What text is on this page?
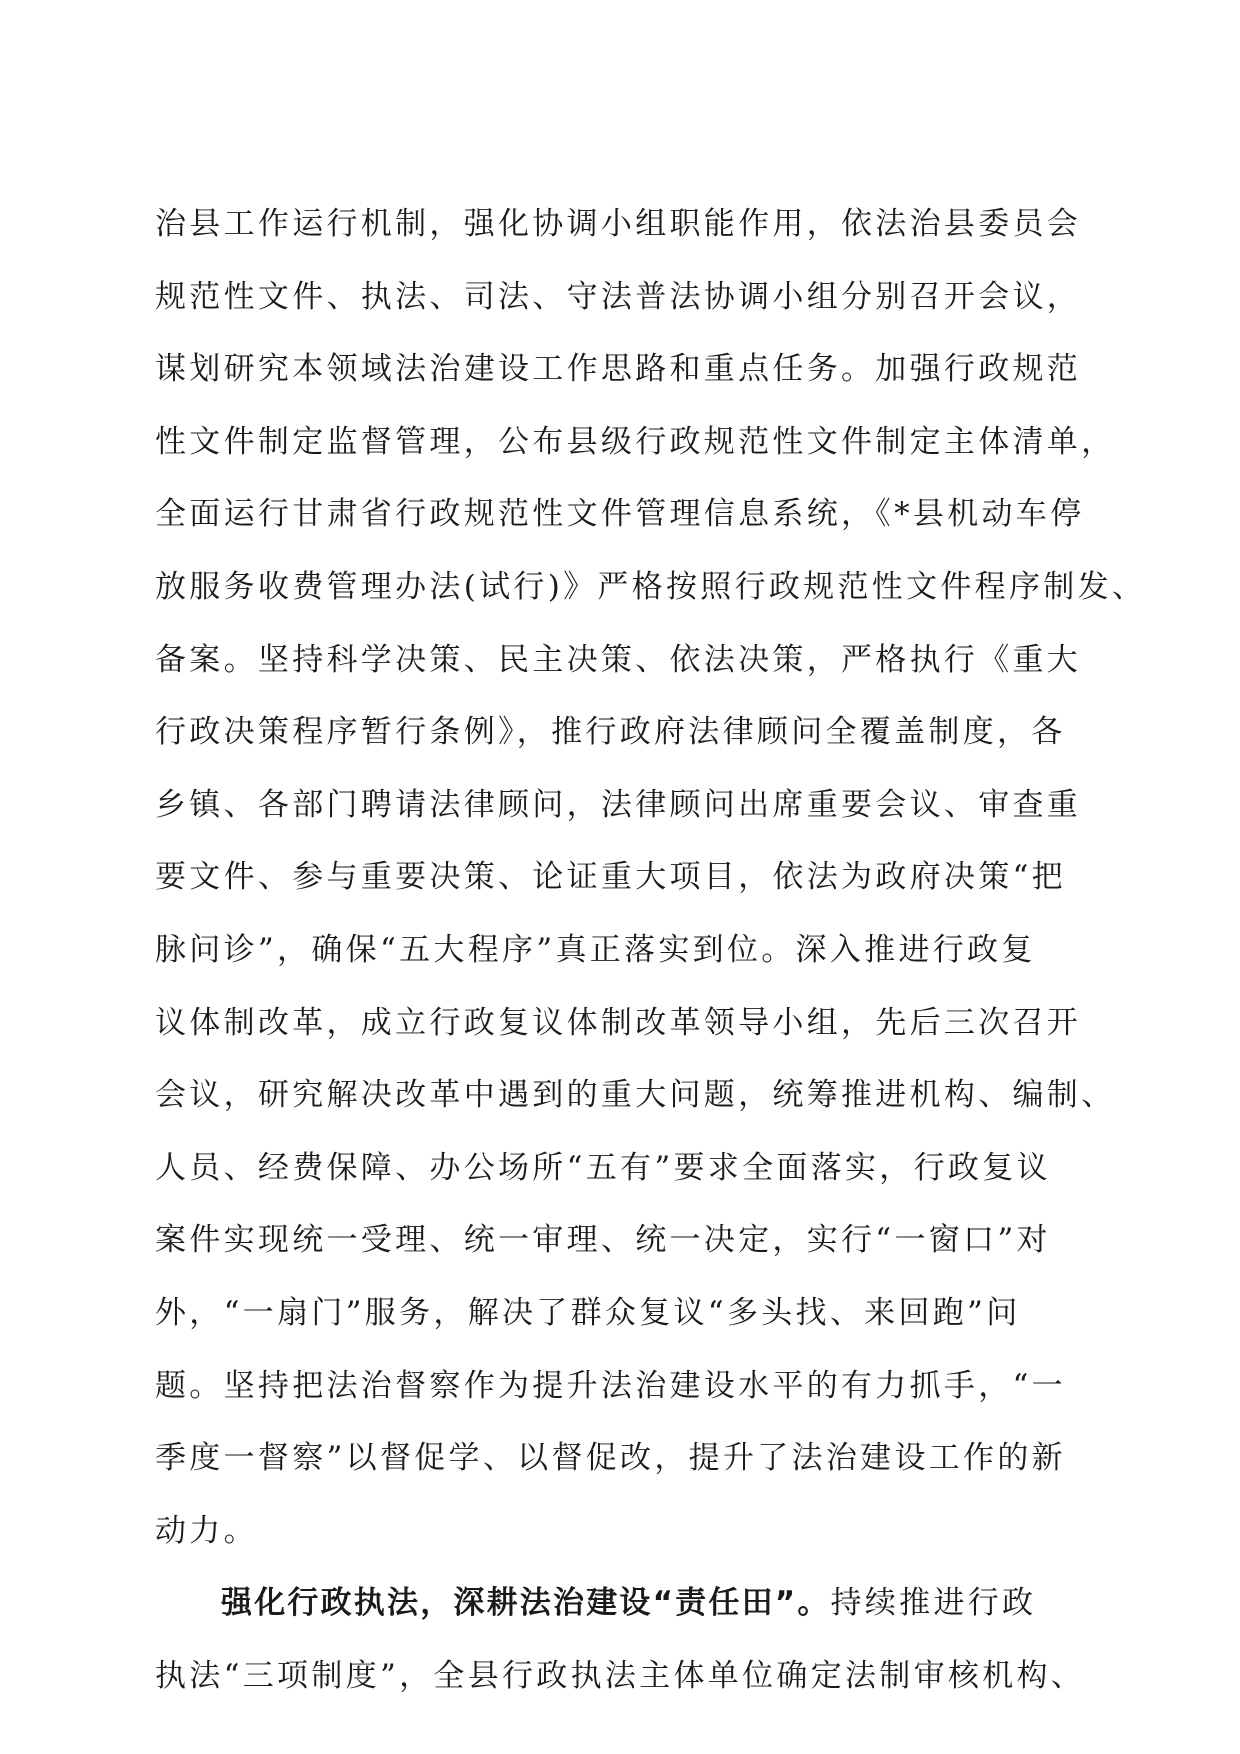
治县工作运行机制，强化协调小组职能作用，依法治县委员会
规范性文件、执法、司法、守法普法协调小组分别召开会议，
谋划研究本领域法治建设工作思路和重点任务。加强行政规范
性文件制定监督管理，公布县级行政规范性文件制定主体清单，
全面运行甘肃省行政规范性文件管理信息系统，《*县机动车停
放服务收费管理办法(试行)》严格按照行政规范性文件程序制发、
备案。坚持科学决策、民主决策、依法决策，严格执行《重大
行政决策程序暂行条例》，推行政府法律顾问全覆盖制度，各
乡镇、各部门聘请法律顾问，法律顾问出席重要会议、审查重
要文件、参与重要决策、论证重大项目，依法为政府决策“把
脉问诊”，确保“五大程序”真正落实到位。深入推进行政复
议体制改革，成立行政复议体制改革领导小组，先后三次召开
会议，研究解决改革中遇到的重大问题，统筹推进机构、编制、
人员、经费保障、办公场所“五有”要求全面落实，行政复议
案件实现统一受理、统一审理、统一决定，实行“一窗口”对
外，“一扇门”服务，解决了群众复议“多头找、来回跑”问
题。坚持把法治督察作为提升法治建设水平的有力抓手，“一
季度一督察”以督促学、以督促改，提升了法治建设工作的新
动力。
强化行政执法，深耕法治建设“责任田”。持续推进行政
执法“三项制度”，全县行政执法主体单位确定法制审核机构、
